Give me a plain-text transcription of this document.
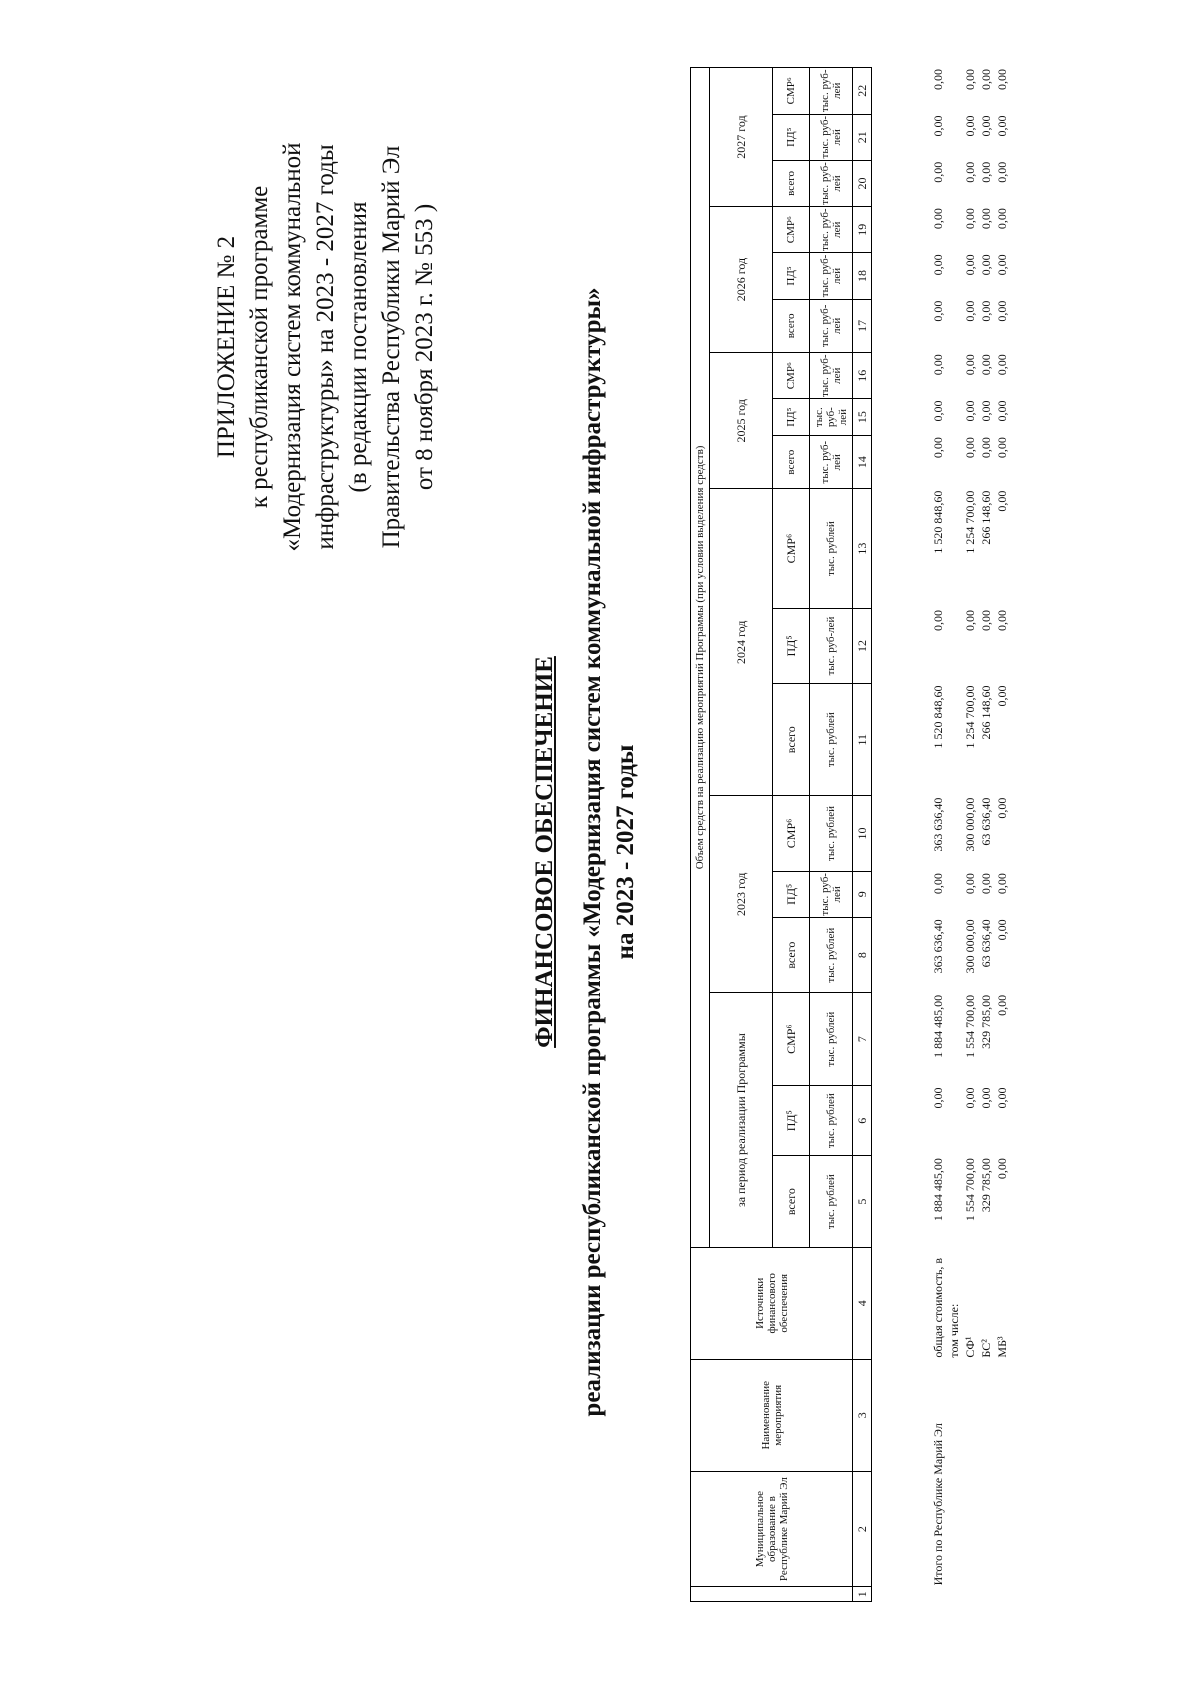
ПРИЛОЖЕНИЕ № 2 к республиканской программе «Модернизация систем коммунальной инфраструктуры» на 2023 - 2027 годы (в редакции постановления Правительства Республики Марий Эл от 8 ноября 2023 г. № 553 )
ФИНАНСОВОЕ ОБЕСПЕЧЕНИЕ реализации республиканской программы «Модернизация систем коммунальной инфраструктуры» на 2023 - 2027 годы
	Муниципальное образование в Республике Марий Эл	Наименование мероприятия	Источники финансового обеспечения	Объем средств на реализацию мероприятий Программы (при условии выделения средств)																	
				за период реализации Программы			2023 год			2024 год			2025 год			2026 год			2027 год		
				всего	ПД⁵	СМР⁶	всего	ПД⁵	СМР⁶	всего	ПД⁵	СМР⁶	всего	ПД⁵	СМР⁶	всего	ПД⁵	СМР⁶	всего	ПД⁵	СМР⁶
				тыс. рублей	тыс. рублей	тыс. рублей	тыс. рублей	тыс. руб-лей	тыс. рублей	тыс. рублей	тыс. руб-лей	тыс. рублей	тыс. руб-лей	тыс. руб-лей	тыс. руб-лей	тыс. руб-лей	тыс. руб-лей	тыс. руб-лей	тыс. руб-лей	тыс. руб-лей	тыс. руб-лей
1	2	3	4	5	6	7	8	9	10	11	12	13	14	15	16	17	18	19	20	21	22
	Итого по Республике Марий Эл	общая стоимость, в том числе:	1 884 485,00	0,00	1 884 485,00	363 636,40	0,00	363 636,40	1 520 848,60	0,00	1 520 848,60	0,00	0,00	0,00	0,00	0,00	0,00	0,00	0,00	0,00
		СФ¹	1 554 700,00	0,00	1 554 700,00	300 000,00	0,00	300 000,00	1 254 700,00	0,00	1 254 700,00	0,00	0,00	0,00	0,00	0,00	0,00	0,00	0,00	0,00
		БС²	329 785,00	0,00	329 785,00	63 636,40	0,00	63 636,40	266 148,60	0,00	266 148,60	0,00	0,00	0,00	0,00	0,00	0,00	0,00	0,00	0,00
		МБ³	0,00	0,00	0,00	0,00	0,00	0,00	0,00	0,00	0,00	0,00	0,00	0,00	0,00	0,00	0,00	0,00	0,00	0,00
